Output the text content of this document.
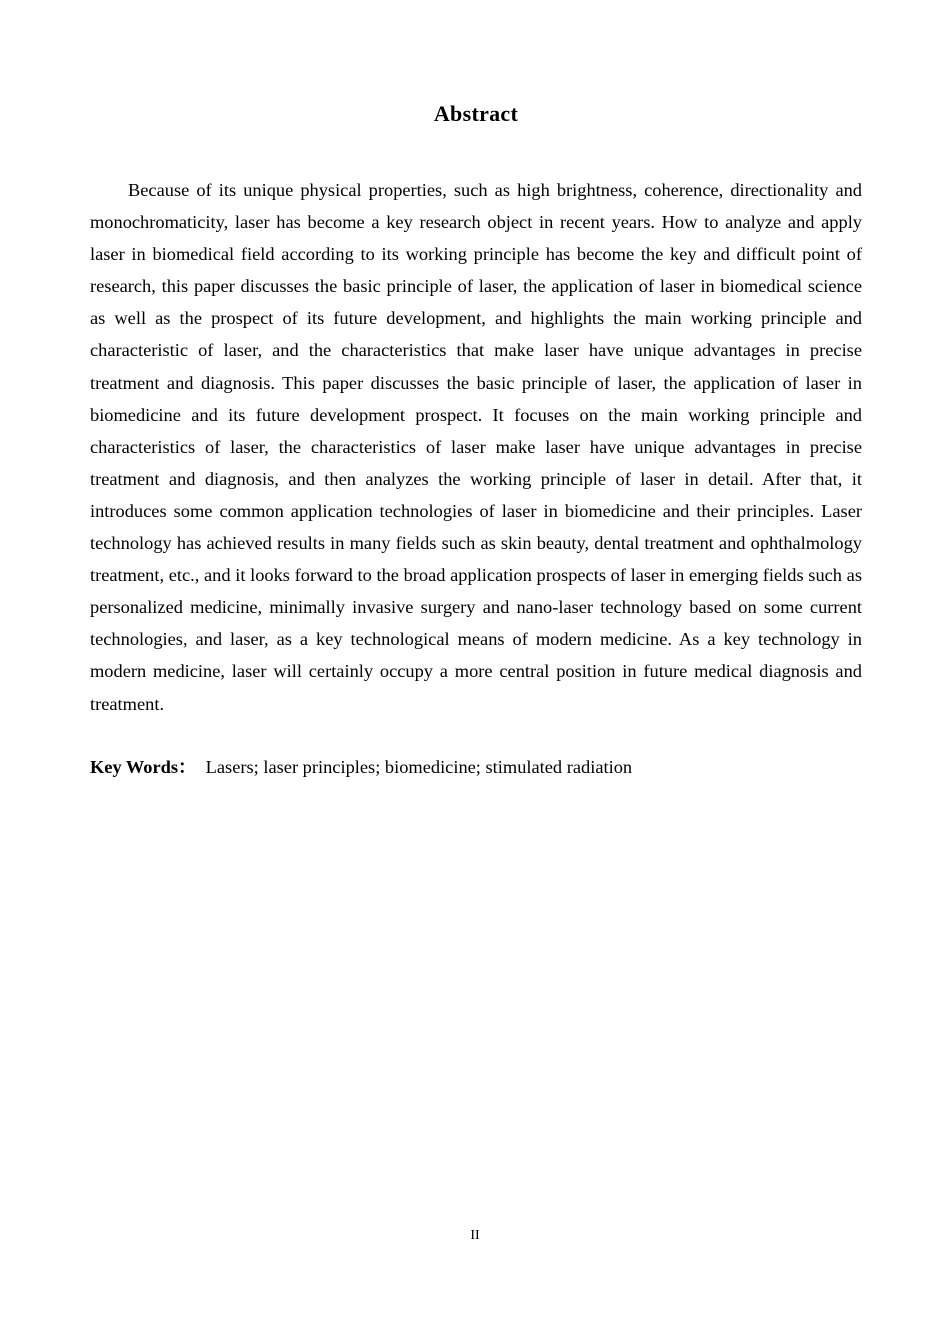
Abstract

Because of its unique physical properties, such as high brightness, coherence, directionality and monochromaticity, laser has become a key research object in recent years. How to analyze and apply laser in biomedical field according to its working principle has become the key and difficult point of research, this paper discusses the basic principle of laser, the application of laser in biomedical science as well as the prospect of its future development, and highlights the main working principle and characteristic of laser, and the characteristics that make laser have unique advantages in precise treatment and diagnosis. This paper discusses the basic principle of laser, the application of laser in biomedicine and its future development prospect. It focuses on the main working principle and characteristics of laser, the characteristics of laser make laser have unique advantages in precise treatment and diagnosis, and then analyzes the working principle of laser in detail. After that, it introduces some common application technologies of laser in biomedicine and their principles. Laser technology has achieved results in many fields such as skin beauty, dental treatment and ophthalmology treatment, etc., and it looks forward to the broad application prospects of laser in emerging fields such as personalized medicine, minimally invasive surgery and nano-laser technology based on some current technologies, and laser, as a key technological means of modern medicine. As a key technology in modern medicine, laser will certainly occupy a more central position in future medical diagnosis and treatment.

Key Words： Lasers; laser principles; biomedicine; stimulated radiation

II
